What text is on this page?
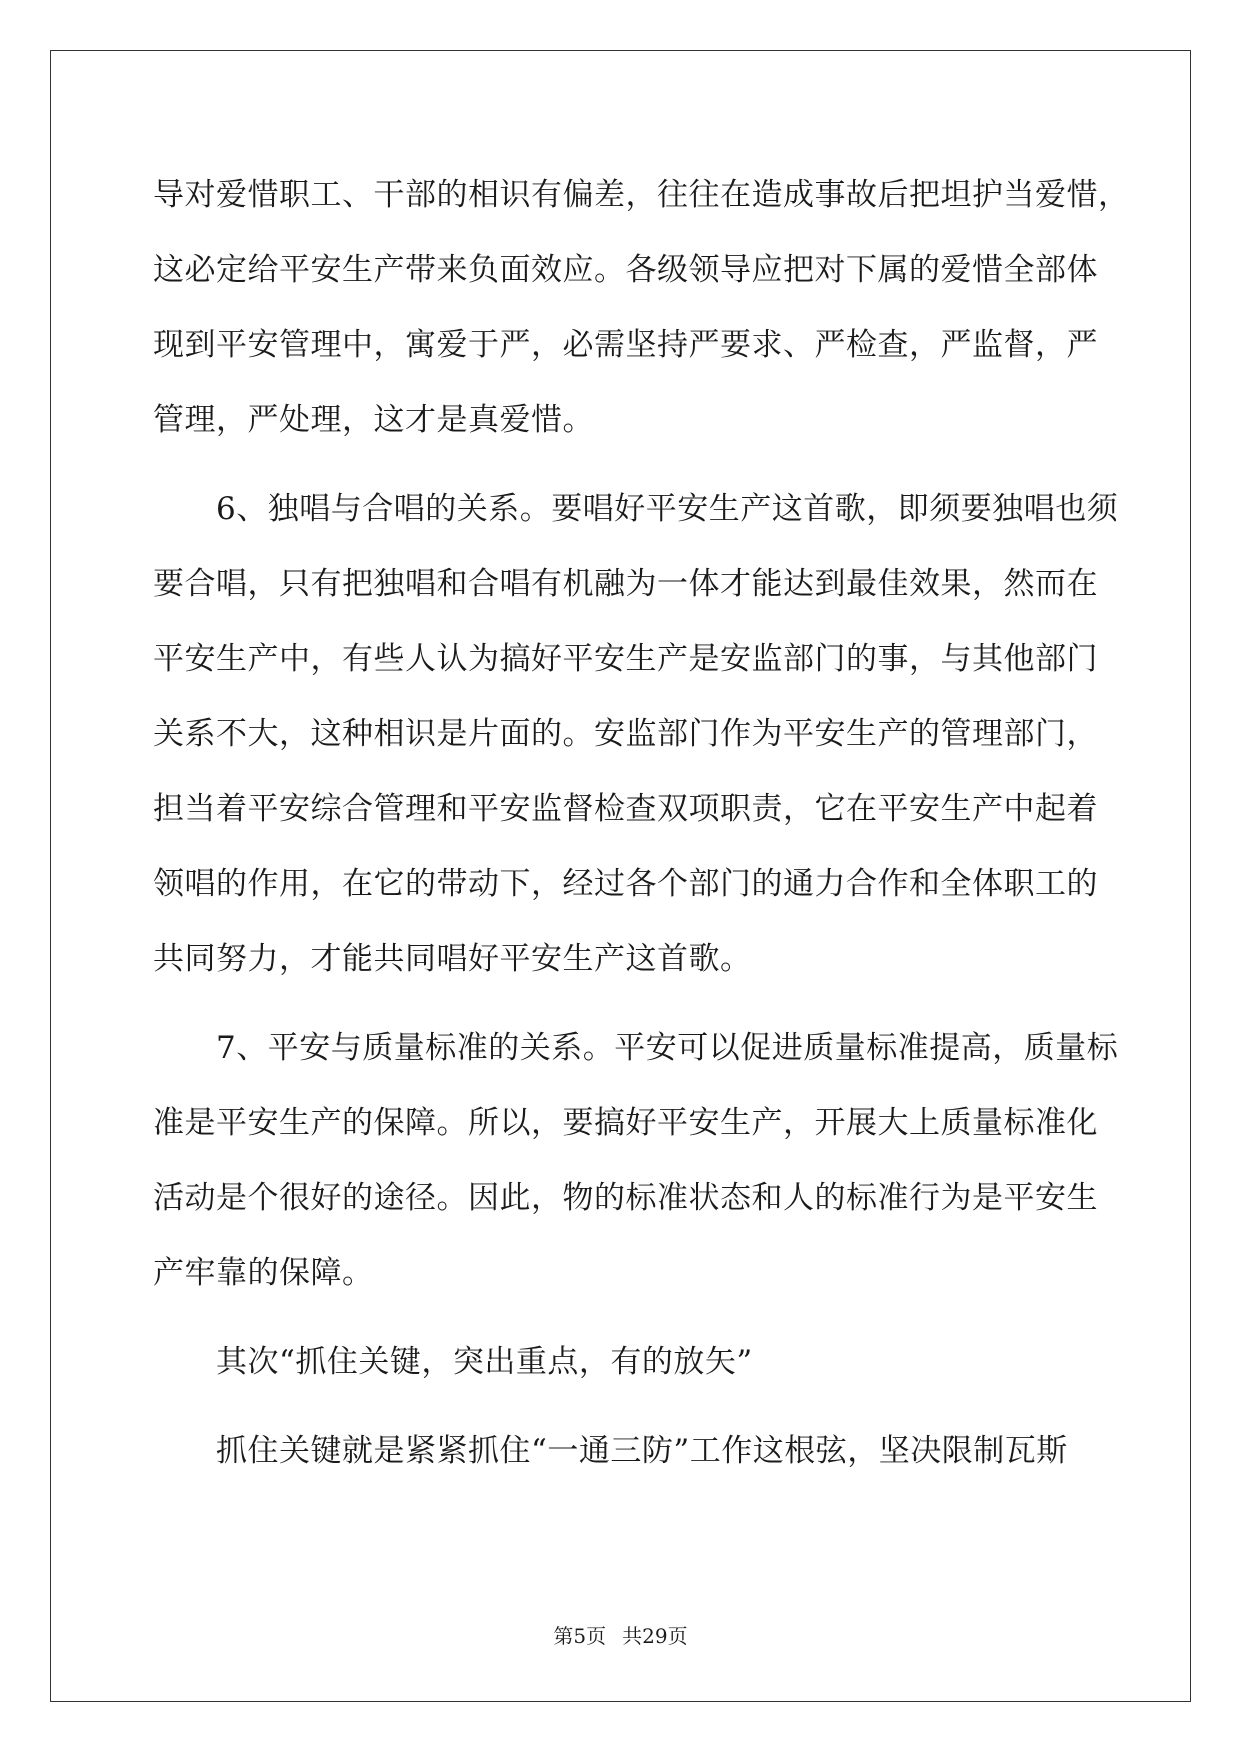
导对爱惜职工、干部的相识有偏差，往往在造成事故后把坦护当爱惜，
这必定给平安生产带来负面效应。各级领导应把对下属的爱惜全部体
现到平安管理中，寓爱于严，必需坚持严要求、严检查，严监督，严
管理，严处理，这才是真爱惜。
　　6、独唱与合唱的关系。要唱好平安生产这首歌，即须要独唱也须
要合唱，只有把独唱和合唱有机融为一体才能达到最佳效果，然而在
平安生产中，有些人认为搞好平安生产是安监部门的事，与其他部门
关系不大，这种相识是片面的。安监部门作为平安生产的管理部门，
担当着平安综合管理和平安监督检查双项职责，它在平安生产中起着
领唱的作用，在它的带动下，经过各个部门的通力合作和全体职工的
共同努力，才能共同唱好平安生产这首歌。
　　7、平安与质量标准的关系。平安可以促进质量标准提高，质量标
准是平安生产的保障。所以，要搞好平安生产，开展大上质量标准化
活动是个很好的途径。因此，物的标准状态和人的标准行为是平安生
产牢靠的保障。
　　其次“抓住关键，突出重点，有的放矢”
　　抓住关键就是紧紧抓住“一通三防”工作这根弦，坚决限制瓦斯
第5页 共29页
